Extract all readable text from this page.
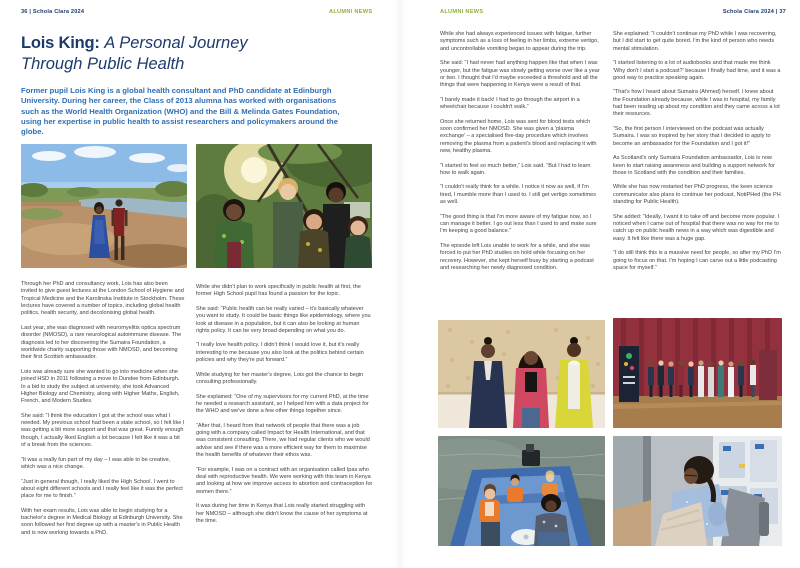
36 | Schola Clara 2024	ALUMNI NEWS	ALUMNI NEWS	Schola Clara 2024 | 37
Lois King: A Personal Journey Through Public Health
Former pupil Lois King is a global health consultant and PhD candidate at Edinburgh University. During her career, the Class of 2013 alumna has worked with organisations such as the World Health Organization (WHO) and the Bill & Melinda Gates Foundation, using her expertise in public health to assist researchers and policymakers around the globe.

Through her PhD and consultancy work, Lois has also been invited to give guest lectures at the London School of Hygiene and Tropical Medicine and the Karolinska Institute in Stockholm. These lectures have covered a number of topics, including global health politics, health security, and decolonising global health.

Last year, she was diagnosed with neuromyelitis optica spectrum disorder (NMOSD), a rare neurological autoimmune disease. The diagnosis led to her discovering the Sumaira Foundation, a worldwide charity supporting those with NMOSD, and becoming their first Scottish ambassador.

Lois was already sure she wanted to go into medicine when she joined HSD in 2011 following a move to Dundee from Edinburgh. In a bid to study the subject at university, she took Advanced Higher Biology and Chemistry, along with Higher Maths, English, French, and Modern Studies.

She said: “I think the education I got at the school was what I needed. My previous school had been a state school, so I felt like I was getting a bit more support and that was great. Funnily enough though, I actually liked English a lot because I felt like it was a bit of a break from the sciences.

“It was a really fun part of my day – I was able to be creative, which was a nice change.

“Just in general though, I really liked the High School. I went to about eight different schools and I really feel like it was the perfect place for me to finish.”

With her exam results, Lois was able to begin studying for a bachelor's degree in Medical Biology at Edinburgh University. She soon followed her first degree up with a master's in Public Health and is now working towards a PhD.

While she didn't plan to work specifically in public health at first, the former High School pupil has found a passion for the topic.

She said: “Public health can be really varied – it's basically whatever you want to study. It could be basic things like epidemiology, where you look at disease in a population, but it can also be looking at human rights policy. It can be very broad depending on what you do.

“I really love health policy. I didn't think I would love it, but it's really interesting to me because you also look at the politics behind certain policies and why they're put forward.”

While studying for her master's degree, Lois got the chance to begin consulting professionally.

She explained: “One of my supervisors for my current PhD, at the time he needed a research assistant, so I helped him with a data project for the WHO and we've done a few other things together since.

“After that, I heard from that network of people that there was a job going with a company called Impact for Health International, and that was consistent consulting. There, we had regular clients who we would advise and see if there was a more efficient way for them to maximise the health benefits of whatever their ethos was.

“For example, I was on a contract with an organisation called Ipas who deal with reproductive health. We were working with this team in Kenya and looking at how we improve access to abortion and contraception for women there.”

It was during her time in Kenya that Lois really started struggling with her NMOSD – although she didn't know the cause of her symptoms at the time.

While she had always experienced issues with fatigue, further symptoms such as a loss of feeling in her limbs, extreme vertigo, and uncontrollable vomiting began to appear during the trip.

She said: “I had never had anything happen like that when I was younger, but the fatigue was slowly getting worse over like a year or two. I thought that I'd maybe exceeded a threshold and all the things that were happening in Kenya were a result of that.

“I barely made it back! I had to go through the airport in a wheelchair because I couldn't walk.”

Once she returned home, Lois was sent for blood tests which soon confirmed her NMOSD. She was given a 'plasma exchange' – a specialised five-day procedure which involves removing the plasma from a patient's blood and replacing it with new, healthy plasma.

“I started to feel so much better,” Lois said. “But I had to learn how to walk again.

“I couldn't really think for a while. I notice it now as well, if I'm tired, I mumble more than I used to. I still get vertigo sometimes as well.

“The good thing is that I'm more aware of my fatigue now, so I can manage it better. I go out less than I used to and make sure I'm keeping a good balance.”

The episode left Lois unable to work for a while, and she was forced to put her PhD studies on hold while focusing on her recovery. However, she kept herself busy by starting a podcast and researching her newly diagnosed condition.

She explained: “I couldn't continue my PhD while I was recovering, but I did start to get quite bored. I'm the kind of person who needs mental stimulation.

“I started listening to a lot of audiobooks and that made me think 'Why don't I start a podcast?' because I finally had time, and it was a good way to practice speaking again.

“That's how I heard about Sumaira (Ahmed) herself. I knew about the Foundation already because, while I was in hospital, my family had been reading up about my condition and they came across a lot their resources.

“So, the first person I interviewed on the podcast was actually Sumaira. I was so inspired by her story that I decided to apply to become an ambassador for the Foundation and I got it!”

As Scotland's only Sumaira Foundation ambassador, Lois is now keen to start raising awareness and building a support network for those in Scotland with the condition and their families.

While she has now restarted her PhD progress, the keen science communicator also plans to continue her podcast, NotiPHed (the PH standing for Public Health).

She added: “Ideally, I want it to take off and become more popular. I noticed when I came out of hospital that there was no way for me to catch up on public health news in a way which was digestible and easy. It felt like there was a huge gap.

“I do still think this is a massive need for people, so after my PhD I'm going to focus on that. I'm hoping I can carve out a little podcasting space for myself.”
